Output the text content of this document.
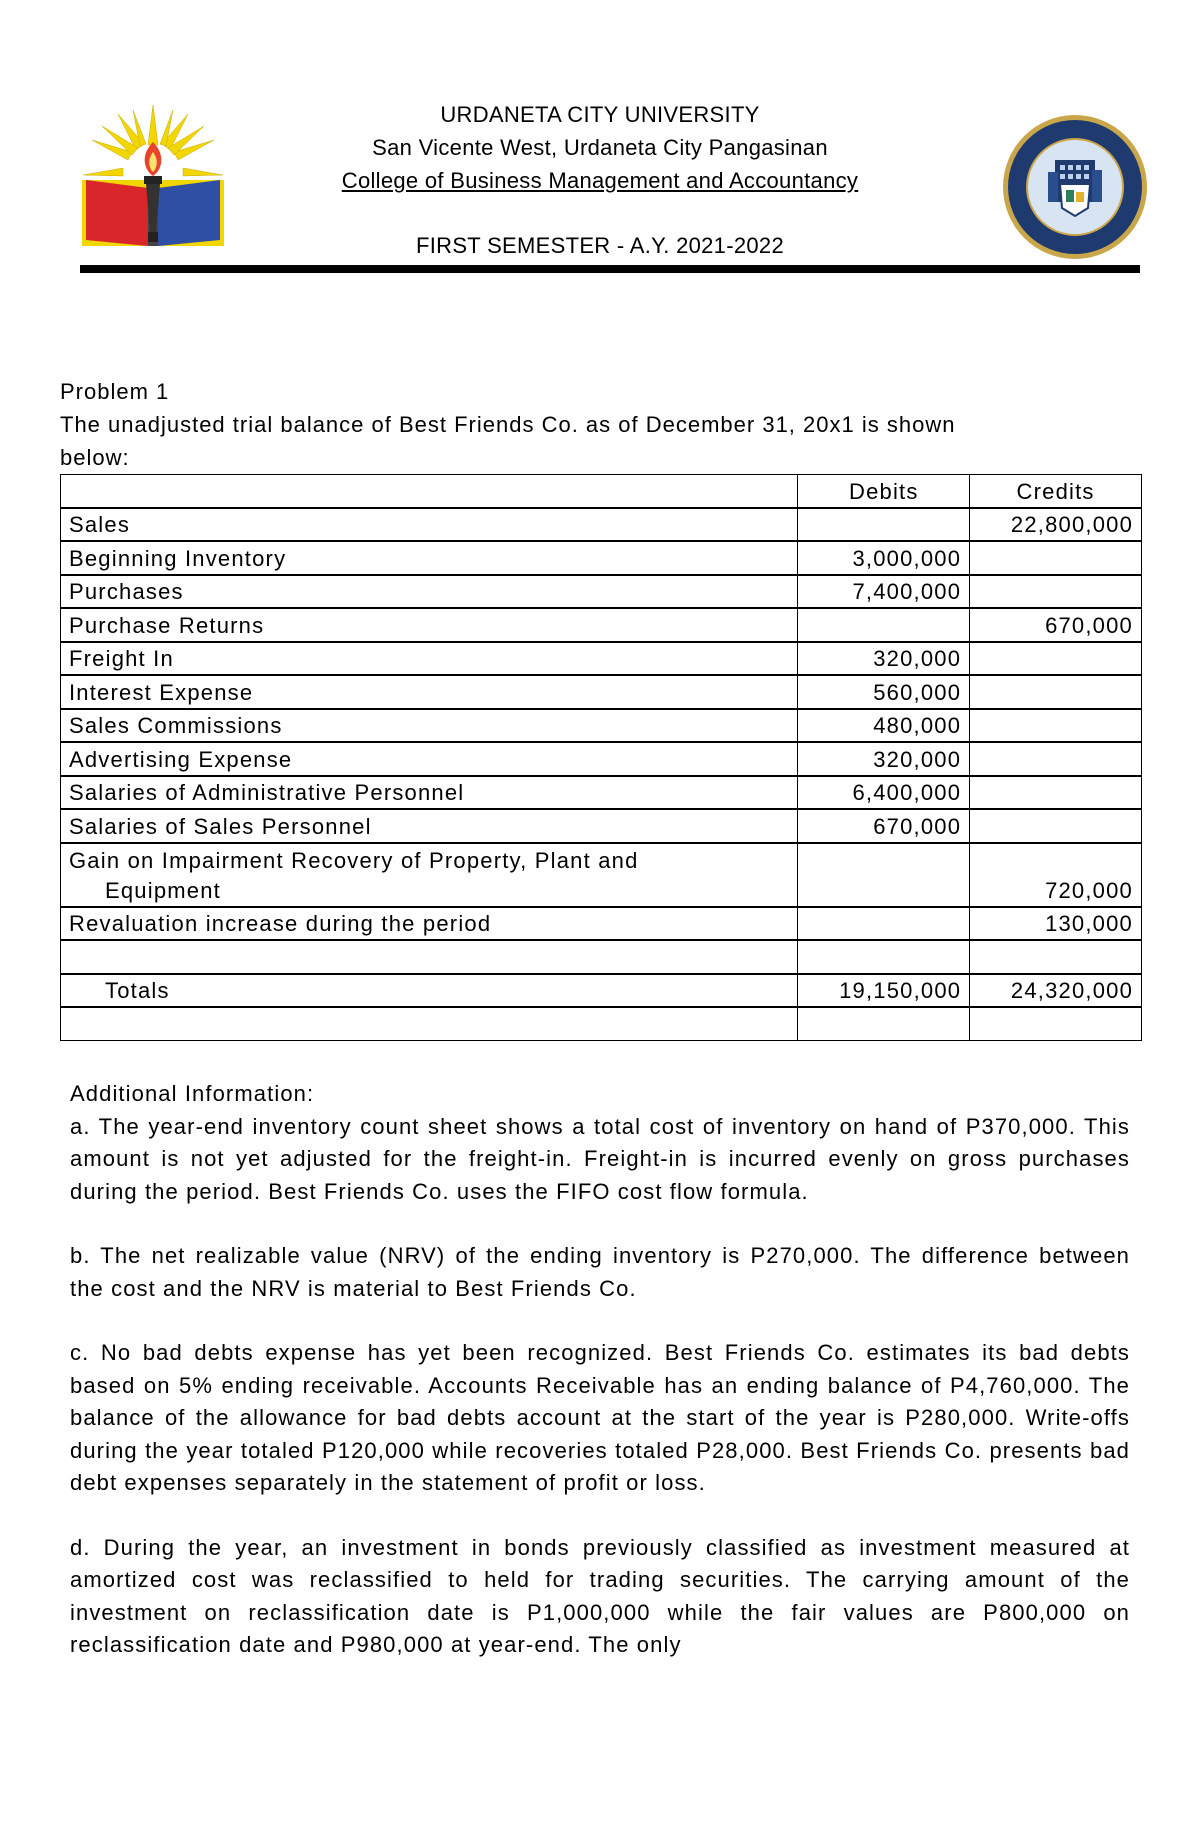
URDANETA CITY UNIVERSITY
San Vicente West, Urdaneta City Pangasinan
College of Business Management and Accountancy
FIRST SEMESTER - A.Y. 2021-2022
Problem 1
The unadjusted trial balance of Best Friends Co. as of December 31, 20x1 is shown
below:
	Debits	Credits
Sales		22,800,000
Beginning Inventory	3,000,000	
Purchases	7,400,000	
Purchase Returns		670,000
Freight In	320,000	
Interest Expense	560,000	
Sales Commissions	480,000	
Advertising Expense	320,000	
Salaries of Administrative Personnel	6,400,000	
Salaries of Sales Personnel	670,000	

Gain on Impairment Recovery of Property, Plant and
Equipment		720,000
Revaluation increase during the period		130,000

Totals	19,150,000	24,320,000

Additional Information:

a. The year-end inventory count sheet shows a total cost of inventory on hand of P370,000. This amount is not yet adjusted for the freight-in. Freight-in is incurred evenly on gross purchases during the period. Best Friends Co. uses the FIFO cost flow formula.

b. The net realizable value (NRV) of the ending inventory is P270,000. The difference between the cost and the NRV is material to Best Friends Co.

c. No bad debts expense has yet been recognized. Best Friends Co. estimates its bad debts based on 5% ending receivable. Accounts Receivable has an ending balance of P4,760,000. The balance of the allowance for bad debts account at the start of the year is P280,000. Write-offs during the year totaled P120,000 while recoveries totaled P28,000. Best Friends Co. presents bad debt expenses separately in the statement of profit or loss.

d. During the year, an investment in bonds previously classified as investment measured at amortized cost was reclassified to held for trading securities. The carrying amount of the investment on reclassification date is P1,000,000 while the fair values are P800,000 on reclassification date and P980,000 at year-end. The only
